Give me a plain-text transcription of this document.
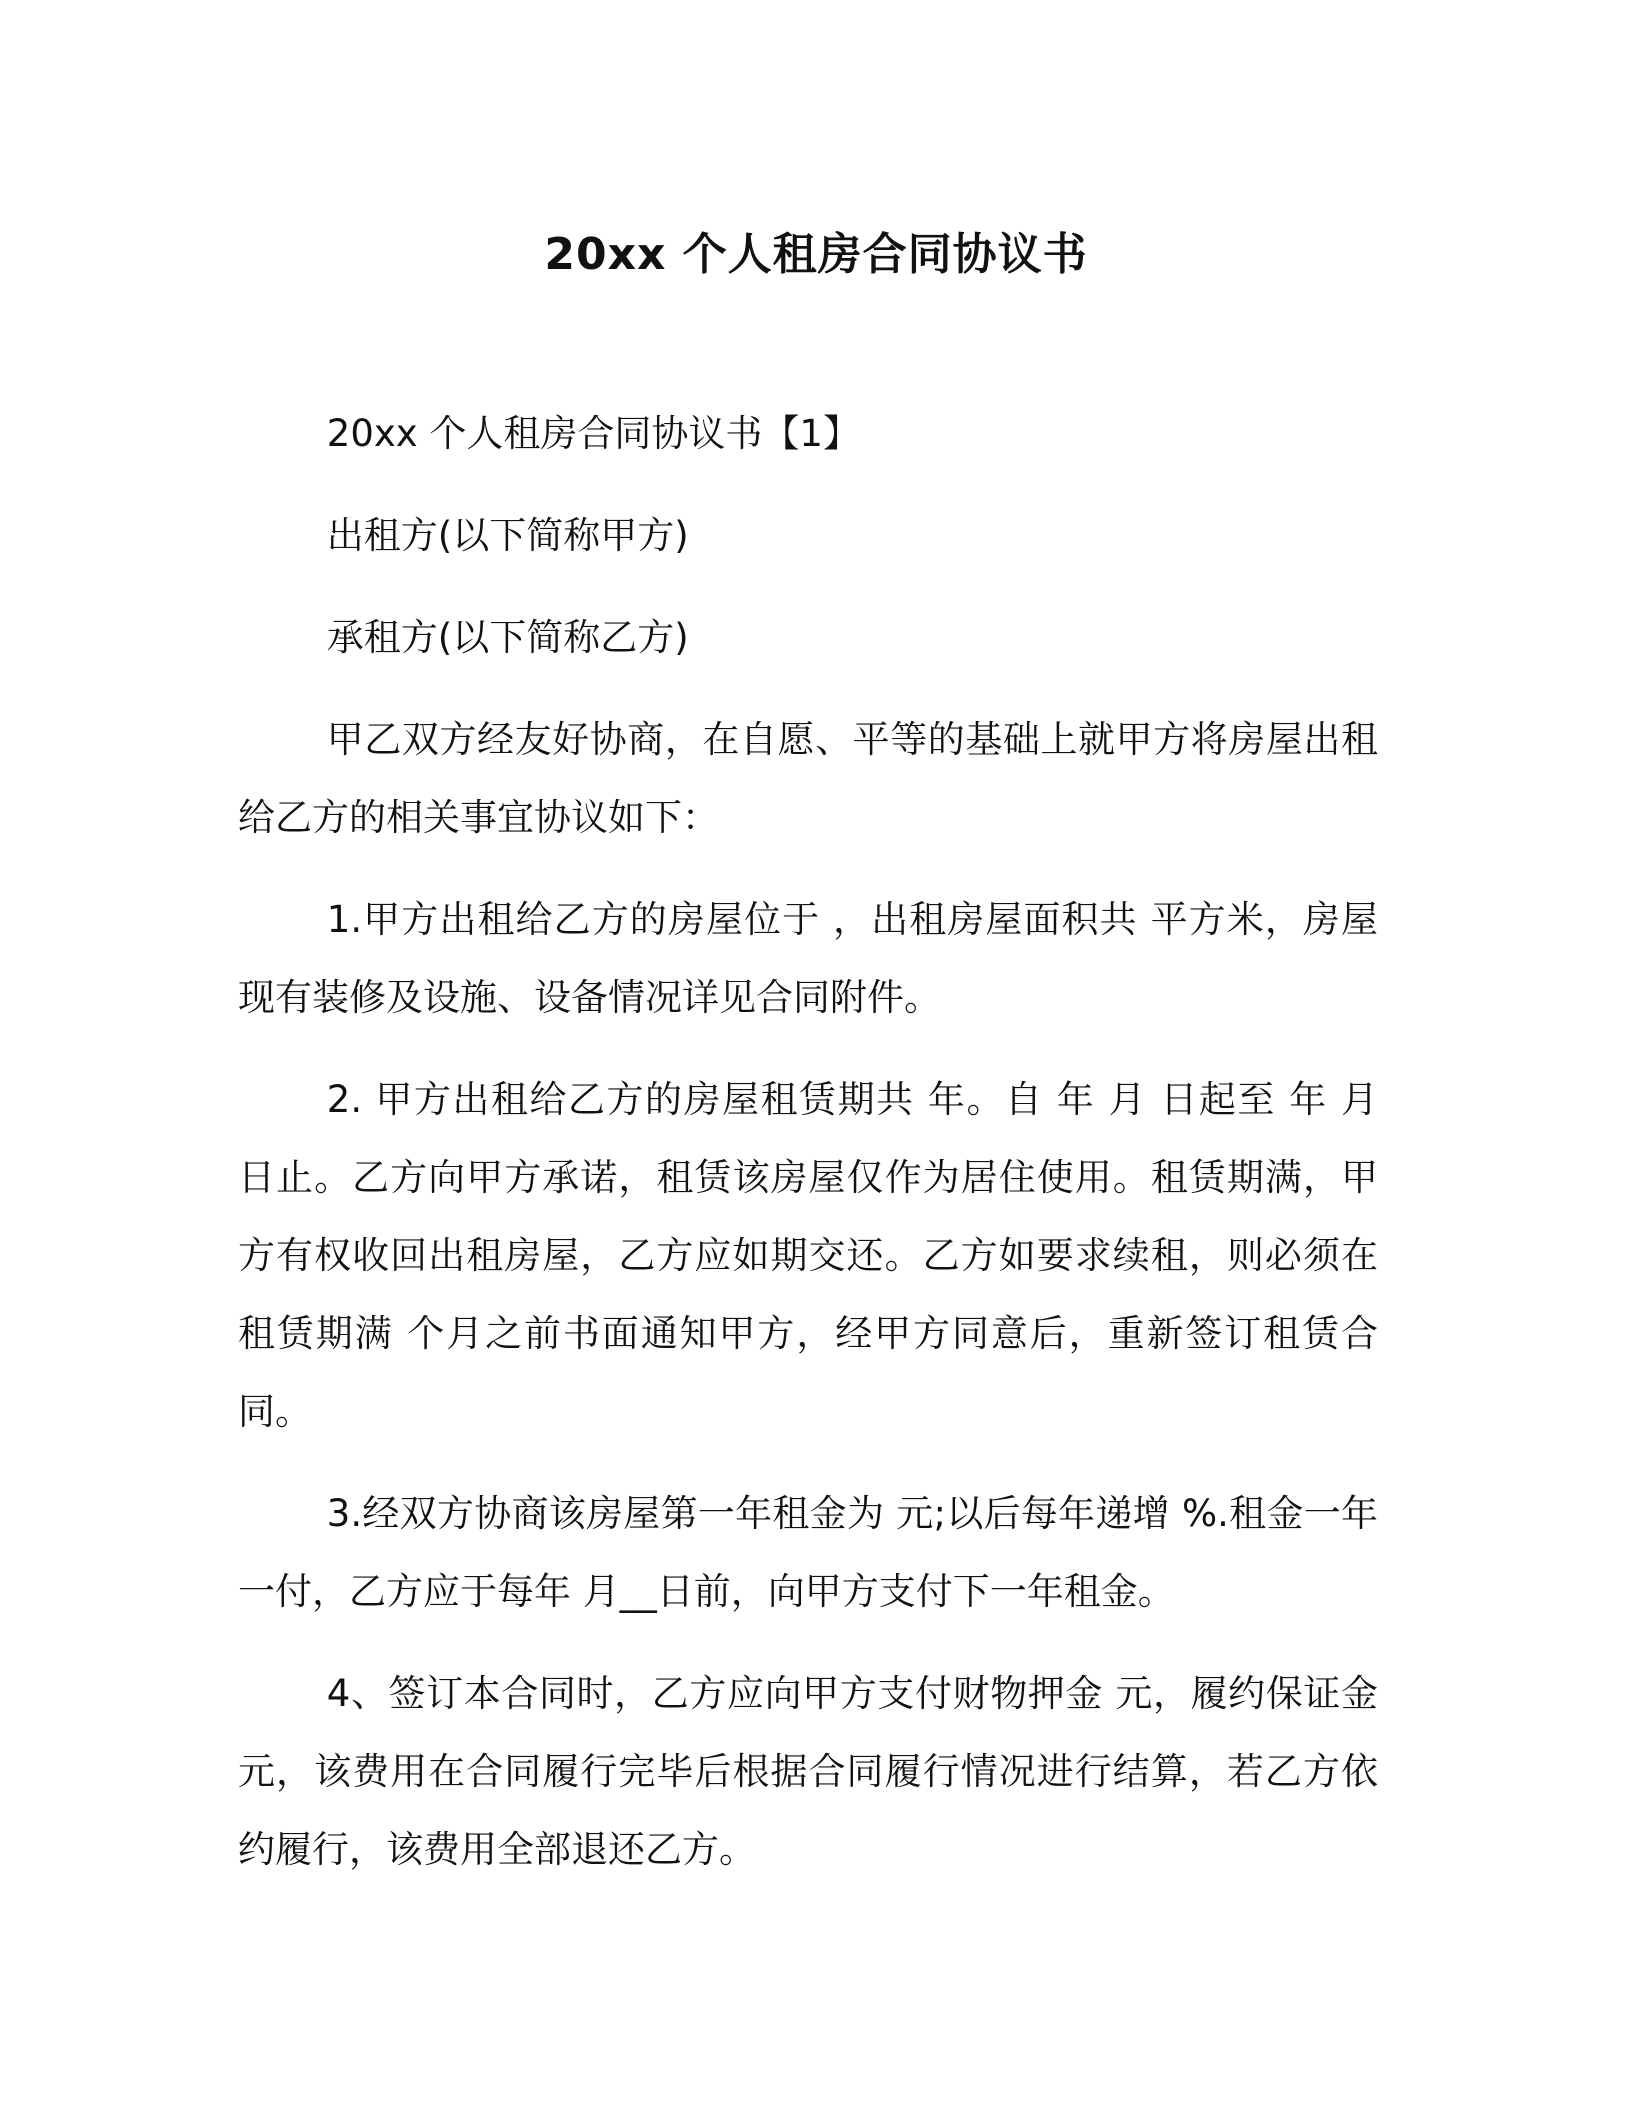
20xx 个人租房合同协议书

20xx 个人租房合同协议书【1】

出租方(以下简称甲方)

承租方(以下简称乙方)

甲乙双方经友好协商，在自愿、平等的基础上就甲方将房屋出租给乙方的相关事宜协议如下：

1.甲方出租给乙方的房屋位于 ，出租房屋面积共 平方米，房屋现有装修及设施、设备情况详见合同附件。

2. 甲方出租给乙方的房屋租赁期共 年。自 年 月 日起至 年 月 日止。乙方向甲方承诺，租赁该房屋仅作为居住使用。租赁期满，甲方有权收回出租房屋，乙方应如期交还。乙方如要求续租，则必须在租赁期满 个月之前书面通知甲方，经甲方同意后，重新签订租赁合同。

3.经双方协商该房屋第一年租金为 元;以后每年递增 %.租金一年一付，乙方应于每年 月__日前，向甲方支付下一年租金。

4、签订本合同时，乙方应向甲方支付财物押金 元，履约保证金 元，该费用在合同履行完毕后根据合同履行情况进行结算，若乙方依约履行，该费用全部退还乙方。
